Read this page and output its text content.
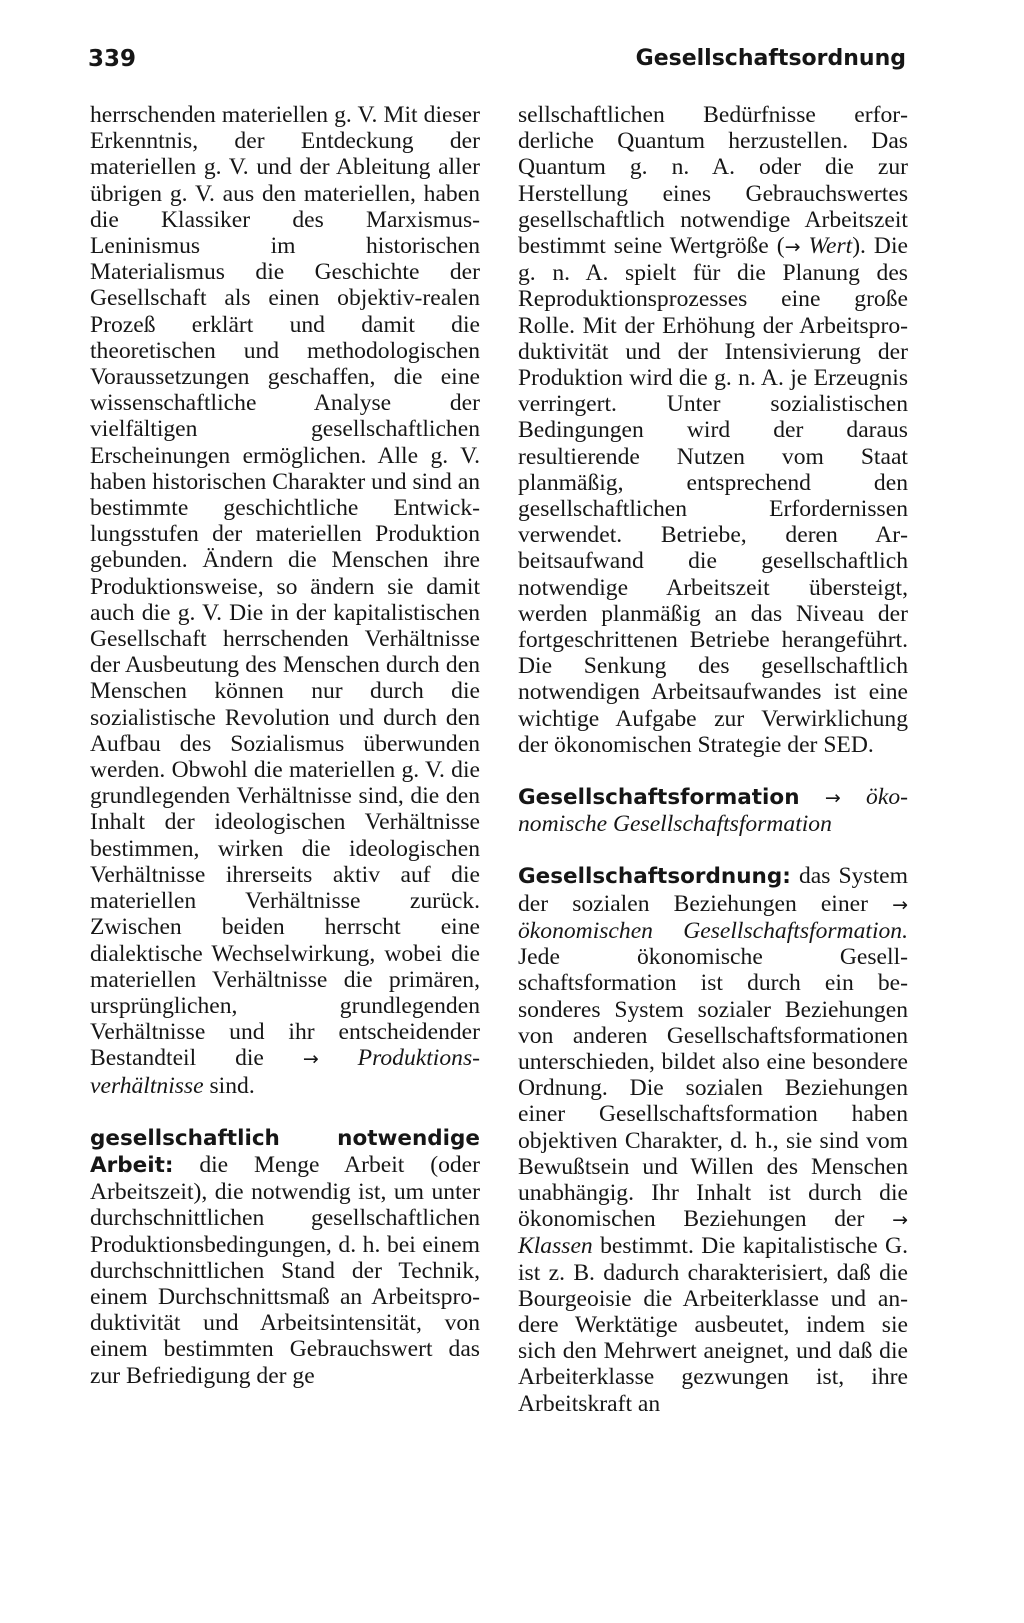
339	Gesellschaftsordnung

herrschenden materiellen g. V. Mit dieser Erkenntnis, der Entdeckung der materiellen g. V. und der Ableitung aller übrigen g. V. aus den materiellen, haben die Klassiker des Marxismus-Leninismus im historischen Materialismus die Geschichte der Gesellschaft als einen objektiv-realen Prozeß erklärt und damit die theoretischen und methodologischen Voraussetzungen geschaffen, die eine wissenschaftliche Analyse der vielfältigen gesellschaftlichen Erscheinungen ermöglichen. Alle g. V. haben historischen Charakter und sind an bestimmte geschichtliche Entwicklungsstufen der materiellen Produktion gebunden. Ändern die Menschen ihre Produktionsweise, so ändern sie damit auch die g. V. Die in der kapitalistischen Gesellschaft herrschenden Verhältnisse der Ausbeutung des Menschen durch den Menschen können nur durch die sozialistische Revolution und durch den Aufbau des Sozialismus überwunden werden. Obwohl die materiellen g. V. die grundlegenden Verhältnisse sind, die den Inhalt der ideologischen Verhältnisse bestimmen, wirken die ideologischen Verhältnisse ihrerseits aktiv auf die materiellen Verhältnisse zurück. Zwischen beiden herrscht eine dialektische Wechselwirkung, wobei die materiellen Verhältnisse die primären, ursprünglichen, grundlegenden Verhältnisse und ihr entscheidender Bestandteil die → Produktionsverhältnisse sind.

gesellschaftlich notwendige Arbeit: die Menge Arbeit (oder Arbeitszeit), die notwendig ist, um unter durchschnittlichen gesellschaftlichen Produktionsbedingungen, d. h. bei einem durchschnittlichen Stand der Technik, einem Durchschnittsmaß an Arbeitsproduktivität und Arbeitsintensität, von einem bestimmten Gebrauchswert das zur Befriedigung der ge

sellschaftlichen Bedürfnisse erforderliche Quantum herzustellen. Das Quantum g. n. A. oder die zur Herstellung eines Gebrauchswertes gesellschaftlich notwendige Arbeitszeit bestimmt seine Wertgröße (→ Wert). Die g. n. A. spielt für die Planung des Reproduktionsprozesses eine große Rolle. Mit der Erhöhung der Arbeitsproduktivität und der Intensivierung der Produktion wird die g. n. A. je Erzeugnis verringert. Unter sozialistischen Bedingungen wird der daraus resultierende Nutzen vom Staat planmäßig, entsprechend den gesellschaftlichen Erfordernissen verwendet. Betriebe, deren Arbeitsaufwand die gesellschaftlich notwendige Arbeitszeit übersteigt, werden planmäßig an das Niveau der fortgeschrittenen Betriebe herangeführt. Die Senkung des gesellschaftlich notwendigen Arbeitsaufwandes ist eine wichtige Aufgabe zur Verwirklichung der ökonomischen Strategie der SED.

Gesellschaftsformation → ökonomische Gesellschaftsformation

Gesellschaftsordnung: das System der sozialen Beziehungen einer → ökonomischen Gesellschaftsformation. Jede ökonomische Gesellschaftsformation ist durch ein besonderes System sozialer Beziehungen von anderen Gesellschaftsformationen unterschieden, bildet also eine besondere Ordnung. Die sozialen Beziehungen einer Gesellschaftsformation haben objektiven Charakter, d. h., sie sind vom Bewußtsein und Willen des Menschen unabhängig. Ihr Inhalt ist durch die ökonomischen Beziehungen der → Klassen bestimmt. Die kapitalistische G. ist z. B. dadurch charakterisiert, daß die Bourgeoisie die Arbeiterklasse und andere Werktätige ausbeutet, indem sie sich den Mehrwert aneignet, und daß die Arbeiterklasse gezwungen ist, ihre Arbeitskraft an
